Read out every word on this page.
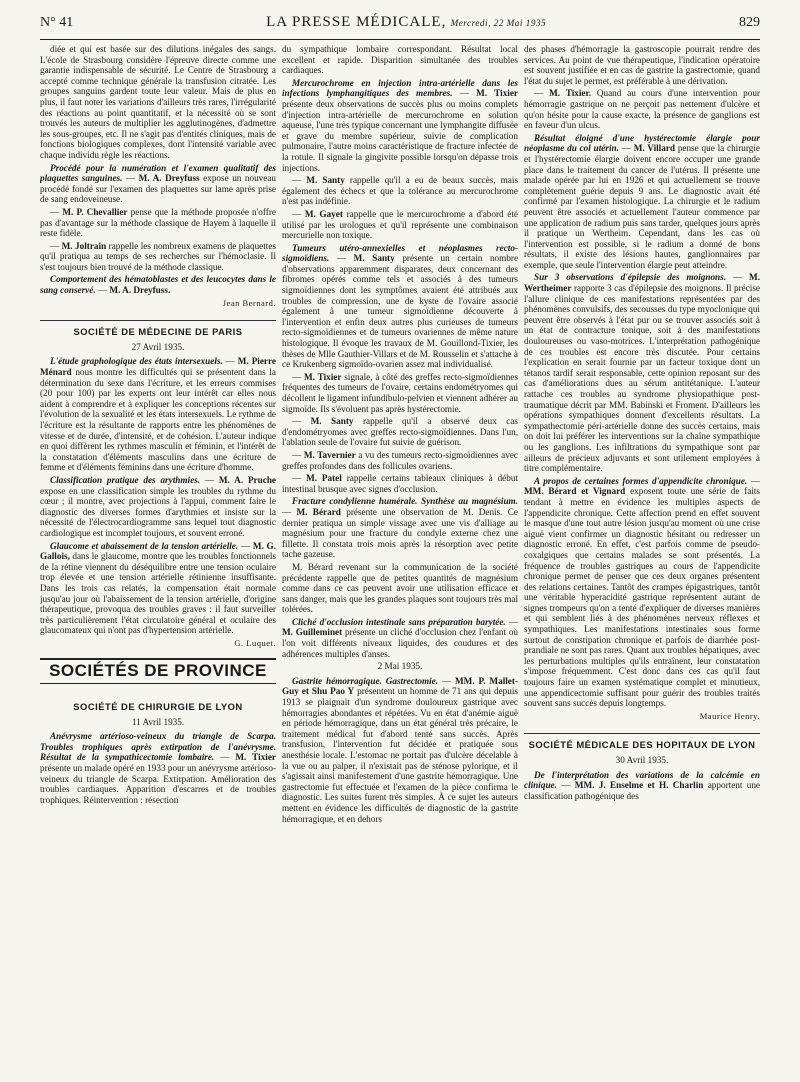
N° 41	LA PRESSE MÉDICALE, Mercredi, 22 Mai 1935	829

diée et qui est basée sur des dilutions inégales des sangs. L'école de Strasbourg considère l'épreuve directe comme une garantie indispensable de sécurité. Le Centre de Strasbourg a accepté comme technique générale la transfusion citratée. Les groupes sanguins gardent toute leur valeur. Mais de plus en plus, il faut noter les variations d'ailleurs très rares, l'irrégularité des réactions au point quantitatif, et la nécessité où se sont trouvés les auteurs de multiplier les agglutinogènes, d'admettre les sous-groupes, etc. Il ne s'agit pas d'entités cliniques, mais de fonctions biologiques complexes, dont l'intensité variable avec chaque individu règle les réactions.

Procédé pour la numération et l'examen qualitatif des plaquettes sanguines. — M. A. Dreyfuss expose un nouveau procédé fondé sur l'examen des plaquettes sur lame après prise de sang endoveineuse.

— M. P. Chevallier pense que la méthode proposée n'offre pas d'avantage sur la méthode classique de Hayem à laquelle il reste fidèle.

— M. Joltrain rappelle les nombreux examens de plaquettes qu'il pratiqua au temps de ses recherches sur l'hémoclasie. Il s'est toujours bien trouvé de la méthode classique.

Comportement des hématoblastes et des leucocytes dans le sang conservé. — M. A. Dreyfuss.

Jean Bernard.
SOCIÉTÉ DE MÉDECINE DE PARIS
27 Avril 1935.

L'étude graphologique des états intersexuels. — M. Pierre Ménard nous montre les difficultés qui se présentent dans la détermination du sexe dans l'écriture, et les erreurs commises (20 pour 100) par les experts ont leur intérêt car elles nous aident à comprendre et à expliquer les conceptions récentes sur l'évolution de la sexualité et les états intersexuels. Le rythme de l'écriture est la résultante de rapports entre les phénomènes de vitesse et de durée, d'intensité, et de cohésion. L'auteur indique en quoi diffèrent les rythmes masculin et féminin, et l'intérêt de la constatation d'éléments masculins dans une écriture de femme et d'éléments féminins dans une écriture d'homme.

Classification pratique des arythmies. — M. A. Pruche expose en une classification simple les troubles du rythme du cœur ; il montre, avec projections à l'appui, comment faire le diagnostic des diverses formes d'arythmies et insiste sur la nécessité de l'électrocardiogramme sans lequel tout diagnostic cardiologique est incomplet toujours, et souvent erroné.

Glaucome et abaissement de la tension artérielle. — M. G. Gallois, dans le glaucome, montre que les troubles fonctionnels de la rétine viennent du déséquilibre entre une tension oculaire trop élevée et une tension artérielle rétinienne insuffisante. Dans les trois cas relatés, la compensation était normale jusqu'au jour où l'abaissement de la tension artérielle, d'origine thérapeutique, provoqua des troubles graves : il faut surveiller très particulièrement l'état circulatoire général et oculaire des glaucomateux qui n'ont pas d'hypertension artérielle.

G. Luquet.
SOCIÉTÉS DE PROVINCE
SOCIÉTÉ DE CHIRURGIE DE LYON
11 Avril 1935.

Anévrysme artérioso-veineux du triangle de Scarpa. Troubles trophiques après extirpation de l'anévrysme. Résultat de la sympathicectomie lombaire. — M. Tixier présente un malade opéré en 1933 pour un anévrysme artérioso-veineux du triangle de Scarpa. Extirpation. Amélioration des troubles cardiaques. Apparition d'escarres et de troubles trophiques. Réintervention : résection

du sympathique lombaire correspondant. Résultat local excellent et rapide. Disparition simultanée des troubles cardiaques.

Mercurochrome en injection intra-artérielle dans les infections lymphangitiques des membres. — M. Tixier présente deux observations de succès plus ou moins complets d'injection intra-artérielle de mercurochrome en solution aqueuse, l'une très typique concernant une lymphangite diffusée et grave du membre supérieur, suivie de complication pulmonaire, l'autre moins caractéristique de fracture infectée de la rotule. Il signale la gingivite possible lorsqu'on dépasse trois injections.

— M. Santy rappelle qu'il a eu de beaux succès, mais également des échecs et que la tolérance au mercurochrome n'est pas indéfinie.

— M. Gayet rappelle que le mercurochrome a d'abord été utilisé par les urologues et qu'il représente une combinaison mercurielle non toxique.

Tumeurs utéro-annexielles et néoplasmes recto-sigmoïdiens. — M. Santy présente un certain nombre d'observations apparemment disparates, deux concernant des fibromes opérés comme tels et associés à des tumeurs sigmoïdiennes dont les symptômes avaient été attribués aux troubles de compression, une de kyste de l'ovaire associé également à une tumeur sigmoïdienne découverte à l'intervention et enfin deux autres plus curieuses de tumeurs recto-sigmoïdiennes et de tumeurs ovariennes de même nature histologique. Il évoque les travaux de M. Gouillond-Tixier, les thèses de Mlle Gauthier-Villars et de M. Rousselin et s'attache à ce Krukenberg sigmoïdo-ovarien assez mal individualisé.

— M. Tixier signale, à côté des greffes recto-sigmoïdiennes fréquentes des tumeurs de l'ovaire, certains endométryomes qui décollent le ligament infundibulo-pelvien et viennent adhérer au sigmoïde. Ils s'évoluent pas après hystérectomie.

— M. Santy rappelle qu'il a observé deux cas d'endométryomes avec greffes recto-sigmoïdiennes. Dans l'un, l'ablation seule de l'ovaire fut suivie de guérison.

— M. Tavernier a vu des tumeurs recto-sigmoïdiennes avec greffes profondes dans des follicules ovariens.

— M. Patel rappelle certains tableaux cliniques à début intestinal brusque avec signes d'occlusion.

Fracture condylienne humérale. Synthèse au magnésium. — M. Bérard présente une observation de M. Denis. Ce dernier pratiqua un simple vissage avec une vis d'alliage au magnésium pour une fracture du condyle externe chez une fillette. Il constata trois mois après la résorption avec petite tache gazeuse.

M. Bérard revenant sur la communication de la société précédente rappelle que de petites quantités de magnésium comme dans ce cas peuvent avoir une utilisation efficace et sans danger, mais que les grandes plaques sont toujours très mal tolérées.

Cliché d'occlusion intestinale sans préparation barytée. — M. Guilleminet présente un cliché d'occlusion chez l'enfant où l'on voit différents niveaux liquides, des coudures et des adhérences multiples d'anses.

2 Mai 1935.

Gastrite hémorragique. Gastrectomie. — MM. P. Mallet-Guy et Shu Pao Y présentent un homme de 71 ans qui depuis 1913 se plaignait d'un syndrome douloureux gastrique avec hémorragies abondantes et répétées. Vu en état d'anémie aiguë en période hémorragique, dans un état général très précaire, le traitement médical fut d'abord tenté sans succès. Après transfusion, l'intervention fut décidée et pratiquée sous anesthésie locale. L'estomac ne portait pas d'ulcère décelable à la vue ou au palper, il n'existait pas de sténose pylorique, et il s'agissait ainsi manifestement d'une gastrite hémorragique. Une gastrectomie fut effectuée et l'examen de la pièce confirma le diagnostic. Les suites furent très simples. À ce sujet les auteurs mettent en évidence les difficultés de diagnostic de la gastrite hémorragique, et en dehors

des phases d'hémorragie la gastroscopie pourrait rendre des services. Au point de vue thérapeutique, l'indication opératoire est souvent justifiée et en cas de gastrite la gastrectomie, quand l'état du sujet le permet, est préférable à une dérivation.

— M. Tixier. Quand au cours d'une intervention pour hémorragie gastrique on ne perçoit pas nettement d'ulcère et qu'on hésite pour la cause exacte, la présence de ganglions est en faveur d'un ulcus.

Résultat éloigné d'une hystérectomie élargie pour néoplasme du col utérin. — M. Villard pense que la chirurgie et l'hystérectomie élargie doivent encore occuper une grande place dans le traitement du cancer de l'utérus. Il présente une malade opérée par lui en 1926 et qui actuellement se trouve complètement guérie depuis 9 ans. Le diagnostic avait été confirmé par l'examen histologique. La chirurgie et le radium peuvent être associés et actuellement l'auteur commence par une application de radium puis sans tarder, quelques jours après il pratique un Wertheim. Cependant, dans les cas où l'intervention est possible, si le radium a donné de bons résultats, il existe des lésions hautes, ganglionnaires par exemple, que seule l'intervention élargie peut atteindre.

Sur 3 observations d'épilepsie des moignons. — M. Wertheimer rapporte 3 cas d'épilepsie des moignons. Il précise l'allure clinique de ces manifestations représentées par des phénomènes convulsifs, des secousses du type myoclonique qui peuvent être observés à l'état pur ou se trouver associés soit à un état de contracture tonique, soit à des manifestations douloureuses ou vaso-motrices. L'interprétation pathogénique de ces troubles est encore très discutée. Pour certains l'explication en serait fournie par un facteur toxique dont un tétanos tardif serait responsable, cette opinion reposant sur des cas d'améliorations dues au sérum antitétanique. L'auteur rattache ces troubles au syndrome physiopathique post-traumatique décrit par MM. Babinski et Froment. D'ailleurs les opérations sympathiques donnent d'excellents résultats. La sympathectomie péri-artérielle donne des succès certains, mais on doit lui préférer les interventions sur la chaîne sympathique ou les ganglions. Les infiltrations du sympathique sont par ailleurs de précieux adjuvants et sont utilement employées à titre complémentaire.

A propos de certaines formes d'appendicite chronique. — MM. Bérard et Vignard exposent toute une série de faits tendant à mettre en évidence les multiples aspects de l'appendicite chronique. Cette affection prend en effet souvent le masque d'une tout autre lésion jusqu'au moment où une crise aiguë vient confirmer un diagnostic hésitant ou redresser un diagnostic erroné. En effet, c'est parfois comme de pseudo-coxalgiques que certains malades se sont présentés. La fréquence de troubles gastriques au cours de l'appendicite chronique permet de penser que ces deux organes présentent des relations certaines. Tantôt des crampes épigastriques, tantôt une véritable hyperacidité gastrique représentent autant de signes trompeurs qu'on a tenté d'expliquer de diverses manières et qui semblent liés à des phénomènes nerveux réflexes et sympathiques. Les manifestations intestinales sous forme surtout de constipation chronique et parfois de diarrhée post-prandiale ne sont pas rares. Quant aux troubles hépatiques, avec les perturbations multiples qu'ils entraînent, leur constatation s'impose fréquemment. C'est donc dans ces cas qu'il faut toujours faire un examen systématique complet et minutieux, une appendicectomie suffisant pour guérir des troubles traités souvent sans succès depuis longtemps.

Maurice Henry.
SOCIÉTÉ MÉDICALE DES HOPITAUX DE LYON
30 Avril 1935.

De l'interprétation des variations de la calcémie en clinique. — MM. J. Enselme et H. Charlin apportent une classification pathogénique des
